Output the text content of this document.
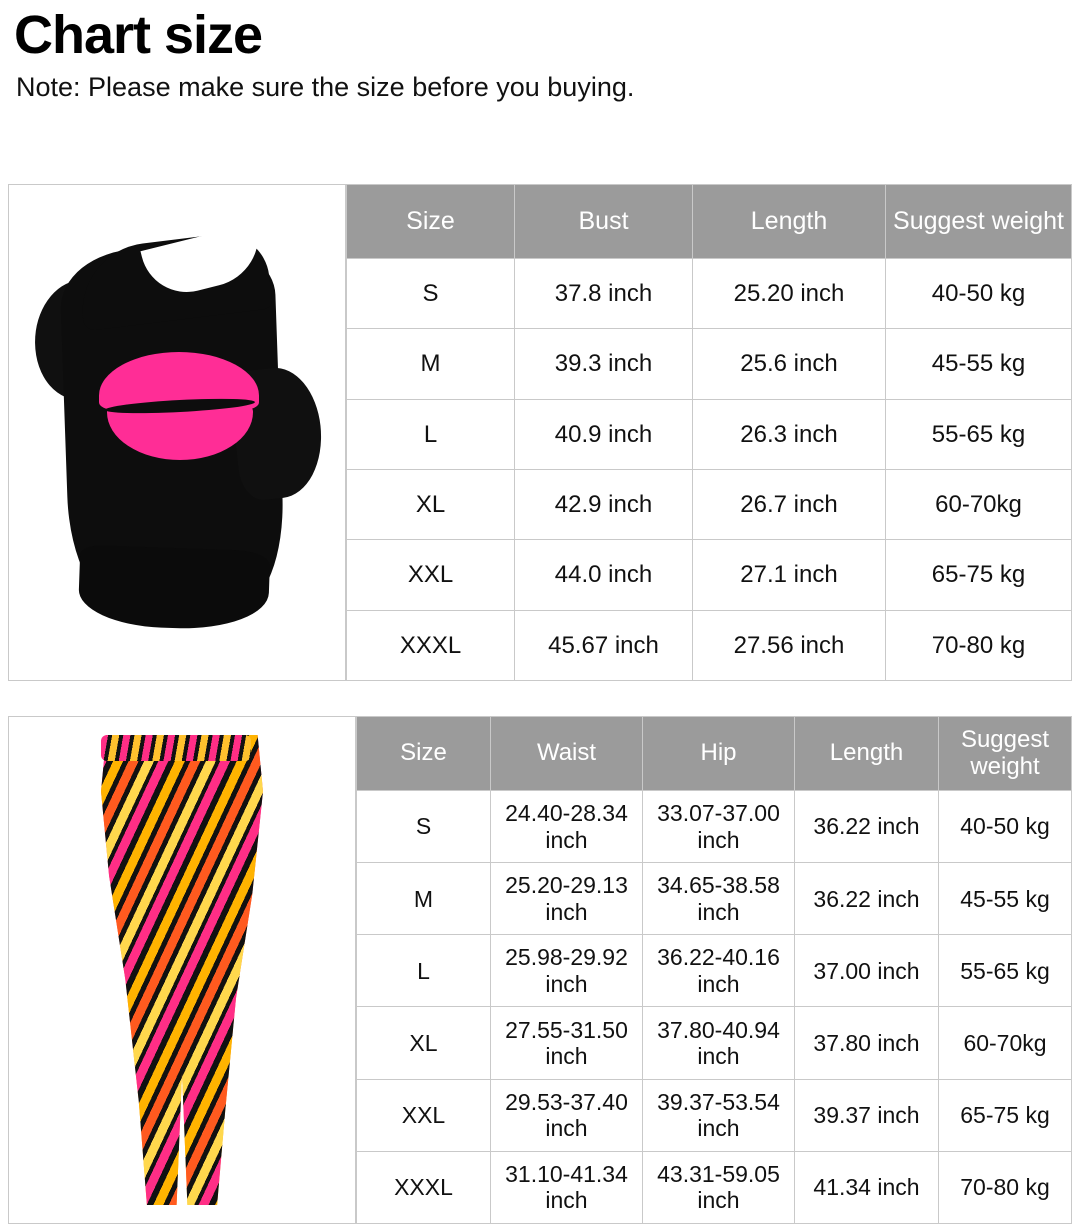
Chart size
Note: Please make sure the size before you buying.
Size	Bust	Length	Suggest weight
S	37.8 inch	25.20 inch	40-50 kg
M	39.3 inch	25.6 inch	45-55 kg
L	40.9 inch	26.3 inch	55-65 kg
XL	42.9 inch	26.7 inch	60-70kg
XXL	44.0 inch	27.1 inch	65-75 kg
XXXL	45.67 inch	27.56 inch	70-80 kg
Size	Waist	Hip	Length	Suggest weight
S	24.40-28.34 inch	33.07-37.00 inch	36.22 inch	40-50 kg
M	25.20-29.13 inch	34.65-38.58 inch	36.22 inch	45-55 kg
L	25.98-29.92 inch	36.22-40.16 inch	37.00 inch	55-65 kg
XL	27.55-31.50 inch	37.80-40.94 inch	37.80 inch	60-70kg
XXL	29.53-37.40 inch	39.37-53.54 inch	39.37 inch	65-75 kg
XXXL	31.10-41.34 inch	43.31-59.05 inch	41.34 inch	70-80 kg
